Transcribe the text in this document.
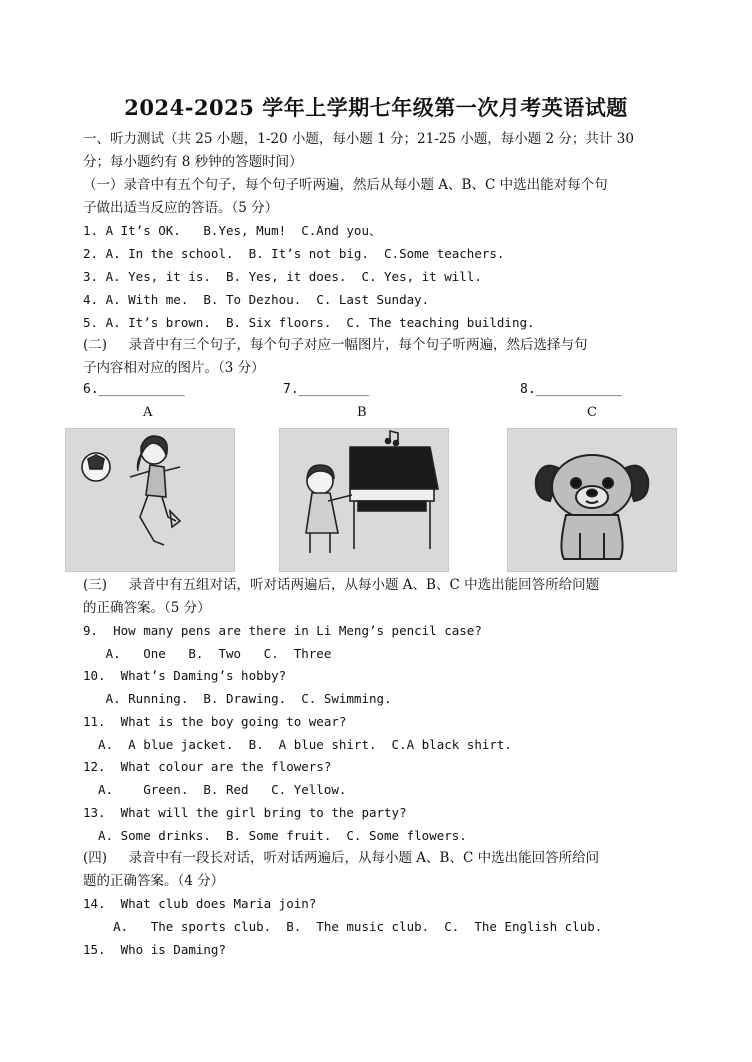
2024-2025 学年上学期七年级第一次月考英语试题
一、听力测试（共 25 小题，1-20 小题，每小题 1 分；21-25 小题，每小题 2 分；共计 30
分；每小题约有 8 秒钟的答题时间）
（一）录音中有五个句子，每个句子听两遍，然后从每小题 A、B、C 中选出能对每个句
子做出适当反应的答语。（5 分）
1. A It’s OK.   B.Yes, Mum!  C.And you、
2. A. In the school.  B. It’s not big.  C.Some teachers.
3. A. Yes, it is.  B. Yes, it does.  C. Yes, it will.
4. A. With me.  B. To Dezhou.  C. Last Sunday.
5. A. It’s brown.  B. Six floors.  C. The teaching building.
(二)     录音中有三个句子，每个句子对应一幅图片，每个句子听两遍，然后选择与句
子内容相对应的图片。（3 分）
6.___________	7._________	8.___________
A	B	C
(三)     录音中有五组对话，听对话两遍后，从每小题 A、B、C 中选出能回答所给问题
的正确答案。（5 分）
9.  How many pens are there in Li Meng’s pencil case?
A.   One   B.  Two   C.  Three
10.  What’s Daming’s hobby?
A. Running.  B. Drawing.  C. Swimming.
11.  What is the boy going to wear?
A.  A blue jacket.  B.  A blue shirt.  C.A black shirt.
12.  What colour are the flowers?
A.    Green.  B. Red   C. Yellow.
13.  What will the girl bring to the party?
A. Some drinks.  B. Some fruit.  C. Some flowers.
(四)     录音中有一段长对话，听对话两遍后，从每小题 A、B、C 中选出能回答所给问
题的正确答案。（4 分）
14.  What club does Maria join?
A.   The sports club.  B.  The music club.  C.  The English club.
15.  Who is Daming?
